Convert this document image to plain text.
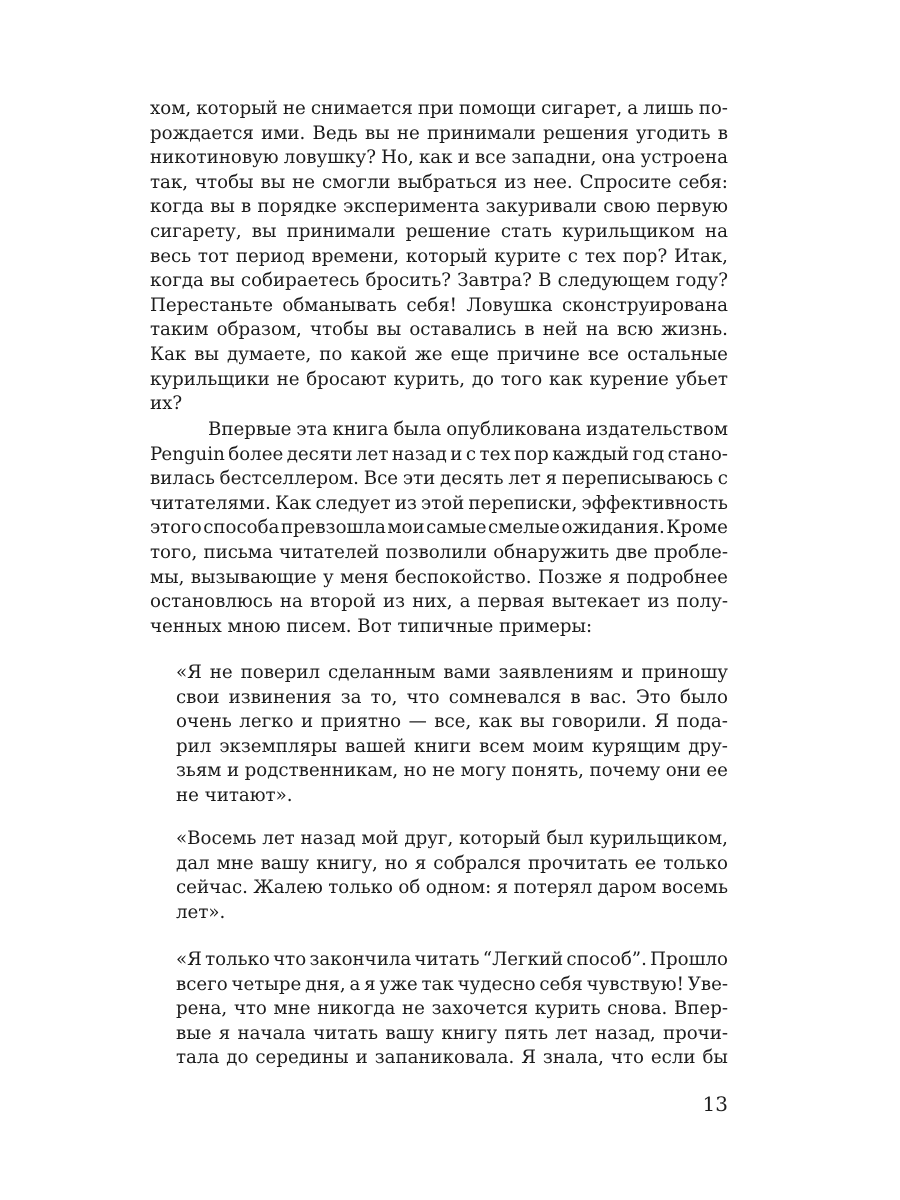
хом, который не снимается при помощи сигарет, а лишь по-
рождается ими. Ведь вы не принимали решения угодить в
никотиновую ловушку? Но, как и все западни, она устроена
так, чтобы вы не смогли выбраться из нее. Спросите себя:
когда вы в порядке эксперимента закуривали свою первую
сигарету, вы принимали решение стать курильщиком на
весь тот период времени, который курите с тех пор? Итак,
когда вы собираетесь бросить? Завтра? В следующем году?
Перестаньте обманывать себя! Ловушка сконструирована
таким образом, чтобы вы оставались в ней на всю жизнь.
Как вы думаете, по какой же еще причине все остальные
курильщики не бросают курить, до того как курение убьет
их?
Впервые эта книга была опубликована издательством
Penguin более десяти лет назад и с тех пор каждый год стано-
вилась бестселлером. Все эти десять лет я переписываюсь с
читателями. Как следует из этой переписки, эффективность
этого способа превзошла мои самые смелые ожидания. Кроме
того, письма читателей позволили обнаружить две пробле-
мы, вызывающие у меня беспокойство. Позже я подробнее
остановлюсь на второй из них, а первая вытекает из полу-
ченных мною писем. Вот типичные примеры:
«Я не поверил сделанным вами заявлениям и приношу
свои извинения за то, что сомневался в вас. Это было
очень легко и приятно — все, как вы говорили. Я пода-
рил экземпляры вашей книги всем моим курящим дру-
зьям и родственникам, но не могу понять, почему они ее
не читают».
«Восемь лет назад мой друг, который был курильщиком,
дал мне вашу книгу, но я собрался прочитать ее только
сейчас. Жалею только об одном: я потерял даром восемь
лет».
«Я только что закончила читать “Легкий способ”. Прошло
всего четыре дня, а я уже так чудесно себя чувствую! Уве-
рена, что мне никогда не захочется курить снова. Впер-
вые я начала читать вашу книгу пять лет назад, прочи-
тала до середины и запаниковала. Я знала, что если бы
13
